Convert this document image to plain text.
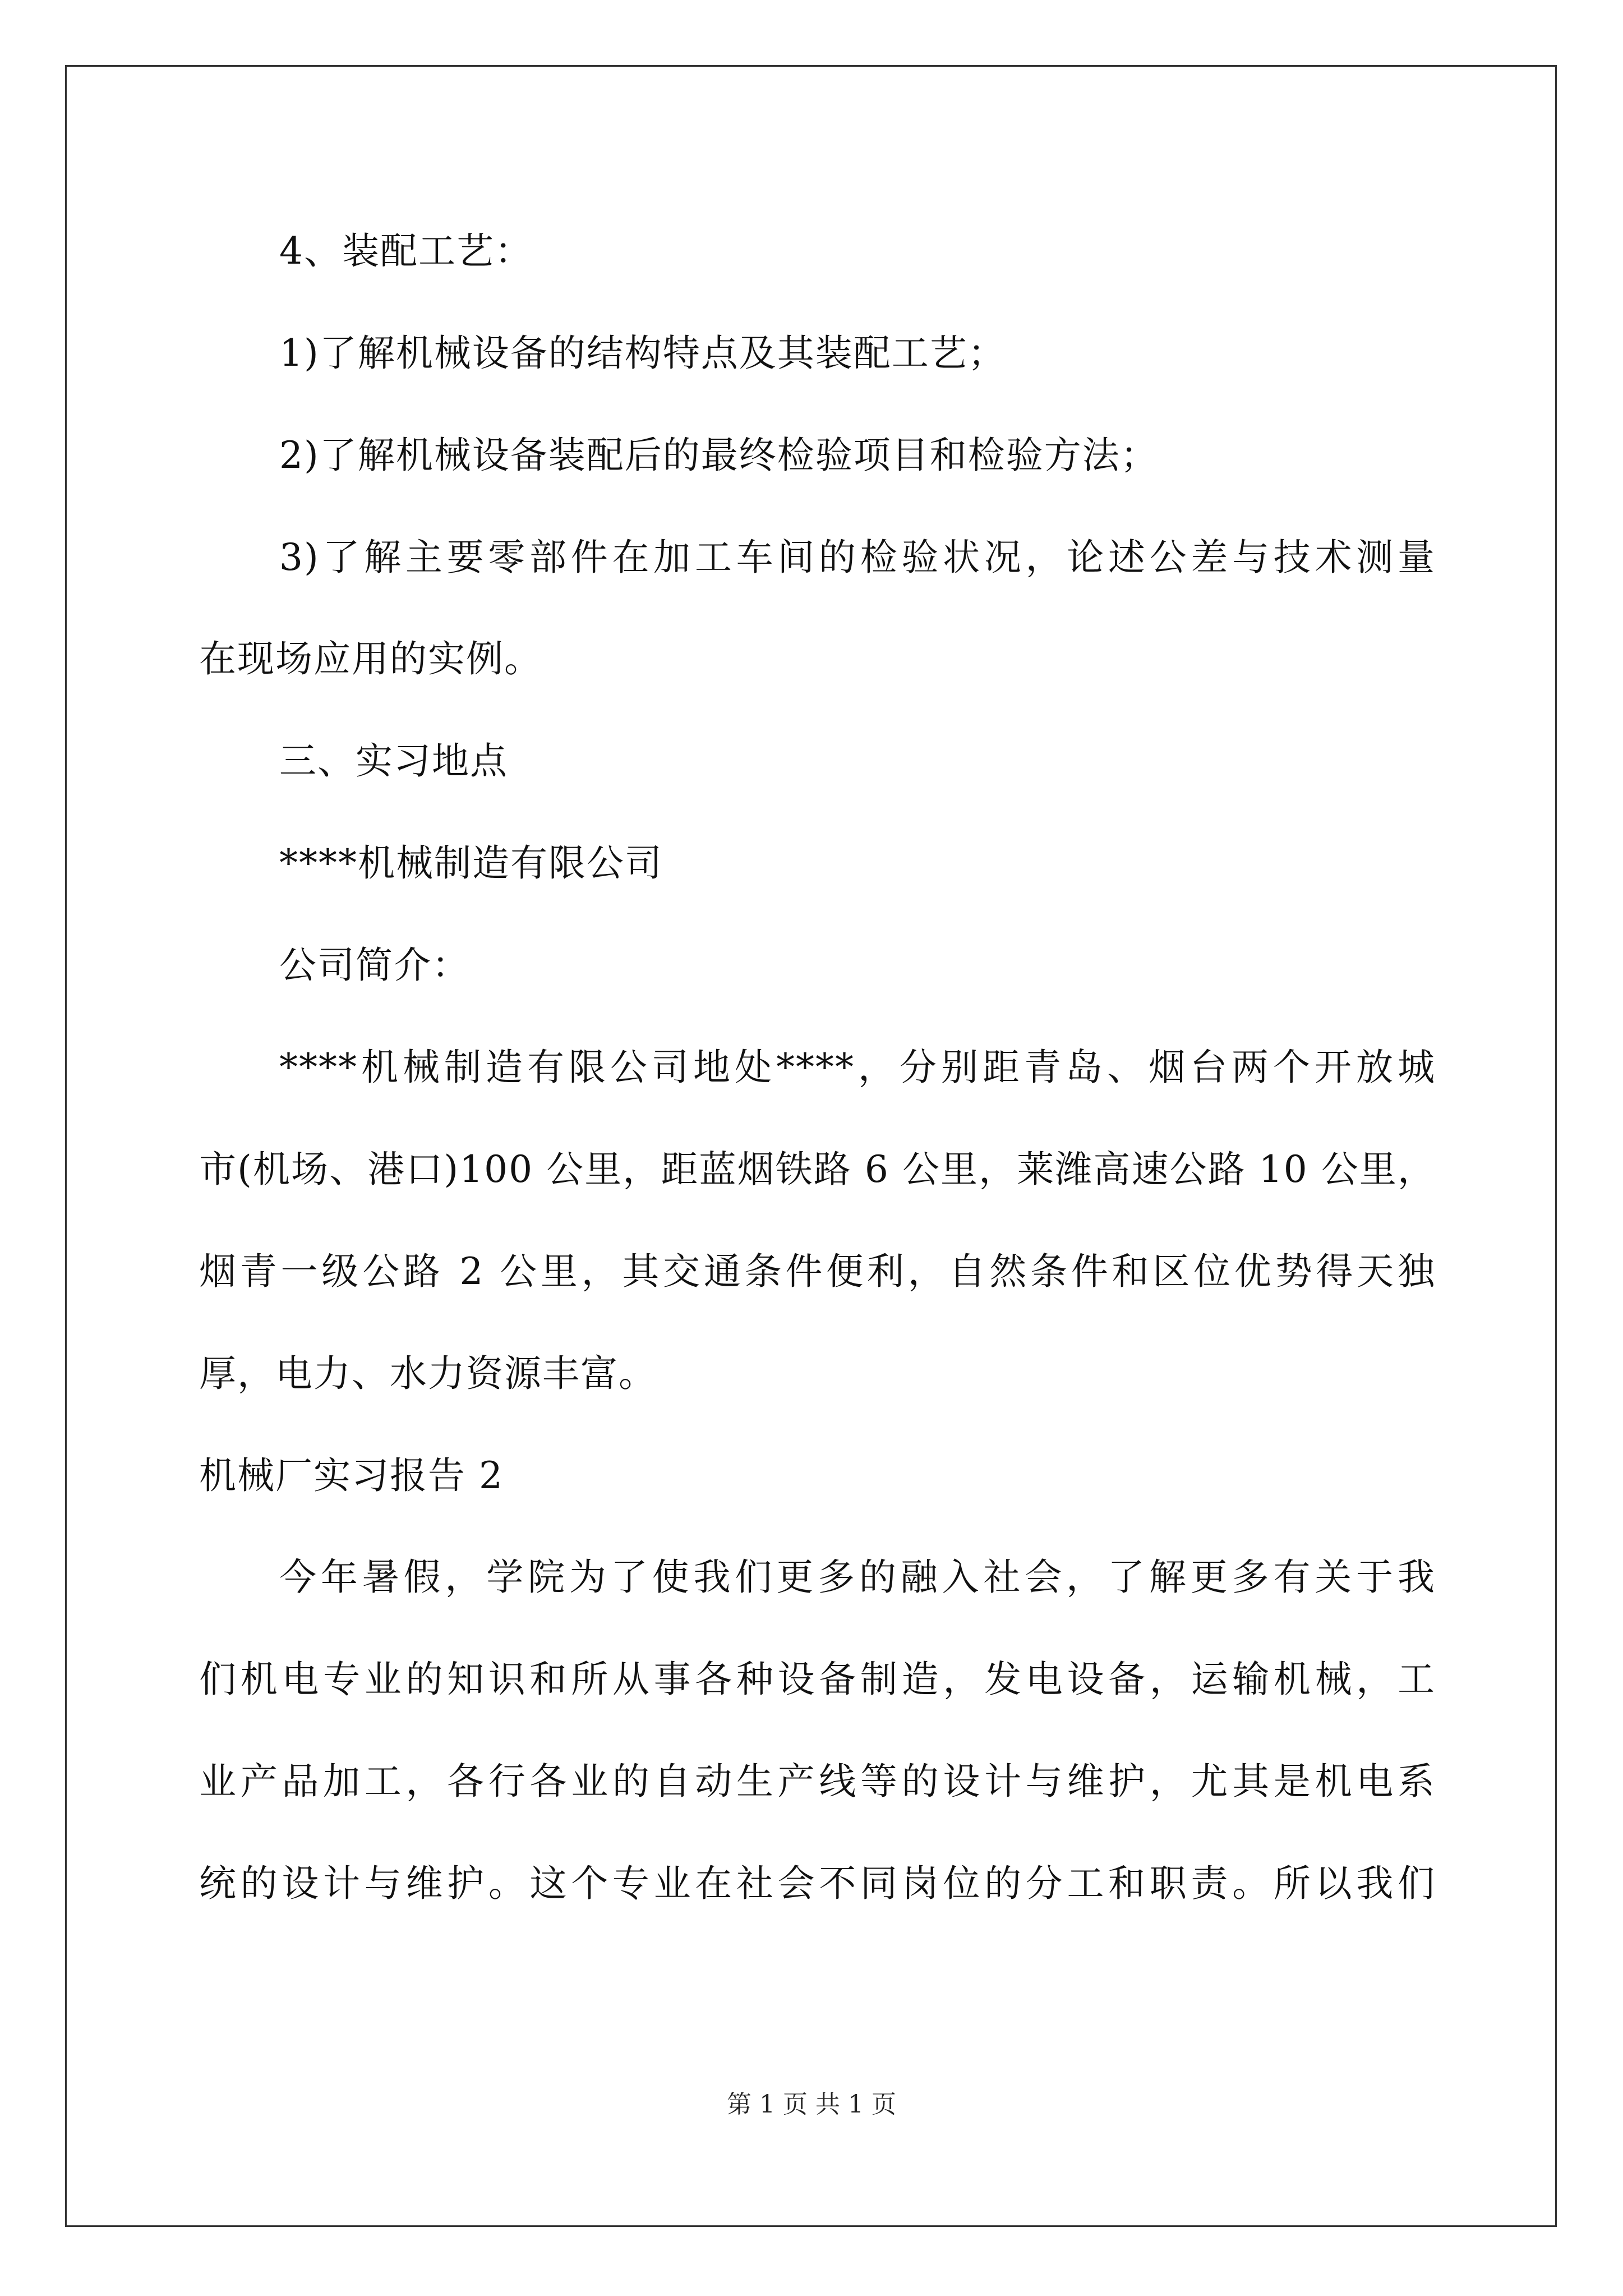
4、装配工艺：
1)了解机械设备的结构特点及其装配工艺；
2)了解机械设备装配后的最终检验项目和检验方法；
3)了解主要零部件在加工车间的检验状况，论述公差与技术测量
在现场应用的实例。
三、实习地点
****机械制造有限公司
公司简介：
****机械制造有限公司地处****，分别距青岛、烟台两个开放城
市(机场、港口)100 公里，距蓝烟铁路 6 公里，莱潍高速公路 10 公里，
烟青一级公路 2 公里，其交通条件便利，自然条件和区位优势得天独
厚，电力、水力资源丰富。
机械厂实习报告 2
今年暑假，学院为了使我们更多的融入社会，了解更多有关于我
们机电专业的知识和所从事各种设备制造，发电设备，运输机械，工
业产品加工，各行各业的自动生产线等的设计与维护，尤其是机电系
统的设计与维护。这个专业在社会不同岗位的分工和职责。所以我们
第 1 页 共 1 页
